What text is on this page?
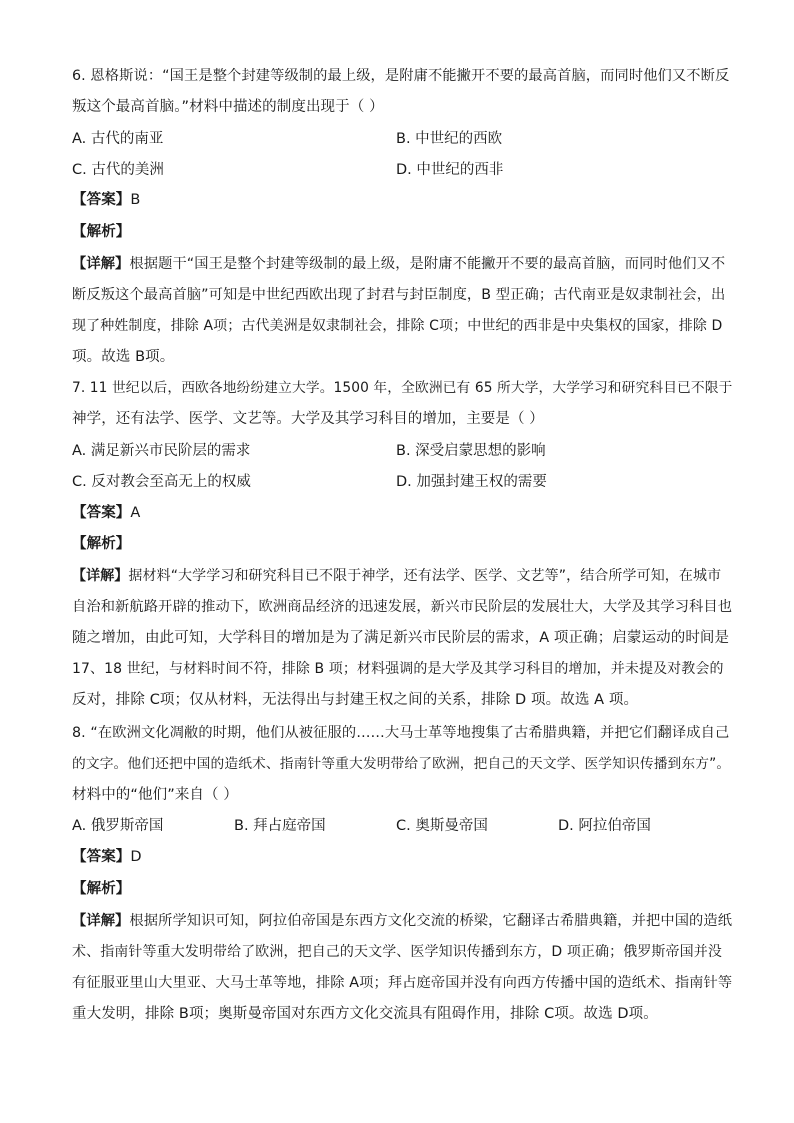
6. 恩格斯说：“国王是整个封建等级制的最上级，是附庸不能撇开不要的最高首脑，而同时他们又不断反
叛这个最高首脑。”材料中描述的制度出现于（ ）
A. 古代的南亚	B. 中世纪的西欧
C. 古代的美洲	D. 中世纪的西非
【答案】B
【解析】
【详解】根据题干“国王是整个封建等级制的最上级，是附庸不能撇开不要的最高首脑，而同时他们又不
断反叛这个最高首脑”可知是中世纪西欧出现了封君与封臣制度，B 型正确；古代南亚是奴隶制社会，出
现了种姓制度，排除 A项；古代美洲是奴隶制社会，排除 C项；中世纪的西非是中央集权的国家，排除 D
项。故选 B项。
7. 11 世纪以后，西欧各地纷纷建立大学。1500 年，全欧洲已有 65 所大学，大学学习和研究科目已不限于
神学，还有法学、医学、文艺等。大学及其学习科目的增加，主要是（ ）
A. 满足新兴市民阶层的需求	B. 深受启蒙思想的影响
C. 反对教会至高无上的权威	D. 加强封建王权的需要
【答案】A
【解析】
【详解】据材料“大学学习和研究科目已不限于神学，还有法学、医学、文艺等”，结合所学可知，在城市
自治和新航路开辟的推动下，欧洲商品经济的迅速发展，新兴市民阶层的发展壮大，大学及其学习科目也
随之增加，由此可知，大学科目的增加是为了满足新兴市民阶层的需求，A 项正确；启蒙运动的时间是
17、18 世纪，与材料时间不符，排除 B 项；材料强调的是大学及其学习科目的增加，并未提及对教会的
反对，排除 C项；仅从材料，无法得出与封建王权之间的关系，排除 D 项。故选 A 项。
8. “在欧洲文化凋敝的时期，他们从被征服的……大马士革等地搜集了古希腊典籍，并把它们翻译成自己
的文字。他们还把中国的造纸术、指南针等重大发明带给了欧洲，把自己的天文学、医学知识传播到东方”。
材料中的“他们”来自（ ）
A. 俄罗斯帝国	B. 拜占庭帝国	C. 奥斯曼帝国	D. 阿拉伯帝国
【答案】D
【解析】
【详解】根据所学知识可知，阿拉伯帝国是东西方文化交流的桥梁，它翻译古希腊典籍，并把中国的造纸
术、指南针等重大发明带给了欧洲，把自己的天文学、医学知识传播到东方，D 项正确；俄罗斯帝国并没
有征服亚里山大里亚、大马士革等地，排除 A项；拜占庭帝国并没有向西方传播中国的造纸术、指南针等
重大发明，排除 B项；奥斯曼帝国对东西方文化交流具有阻碍作用，排除 C项。故选 D项。
